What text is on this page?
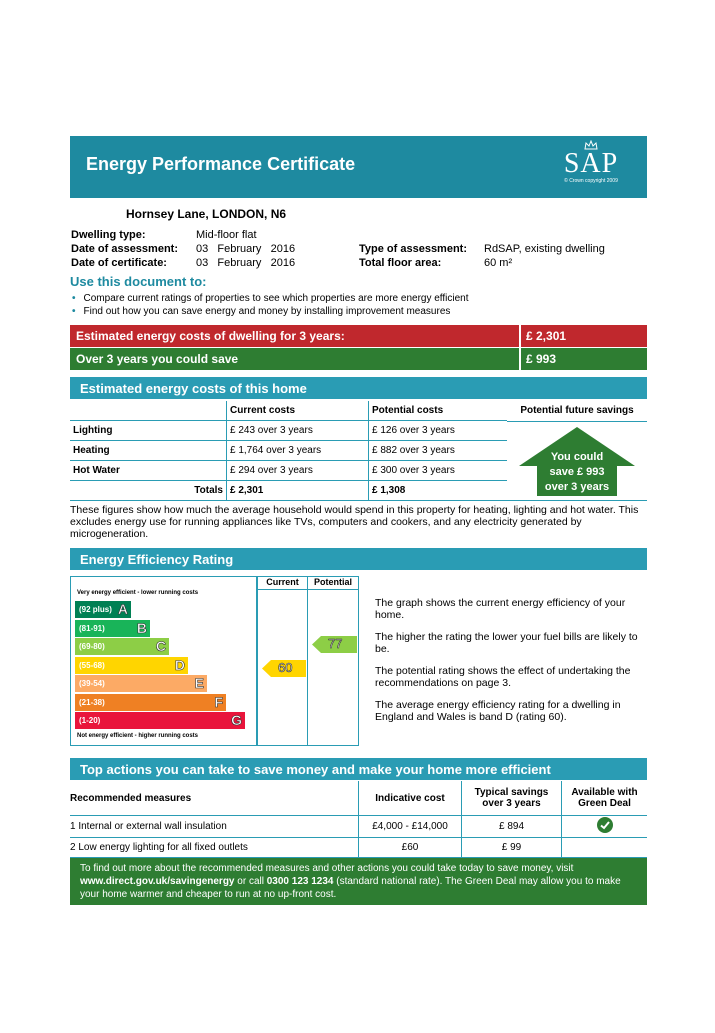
Energy Performance Certificate	SAP
© Crown copyright 2009
Hornsey Lane, LONDON, N6
Dwelling type:	Mid-floor flat
Date of assessment: 03   February   2016
Date of certificate:	03   February   2016
Type of assessment: RdSAP, existing dwelling
Total floor area:	60 m²
Use this document to:
• Compare current ratings of properties to see which properties are more energy efficient
• Find out how you can save energy and money by installing improvement measures
Estimated energy costs of dwelling for 3 years:	£ 2,301
Over 3 years you could save	£ 993
Estimated energy costs of this home
	Current costs	Potential costs
Lighting	£ 243 over 3 years	£ 126 over 3 years
Heating	£ 1,764 over 3 years	£ 882 over 3 years
Hot Water	£ 294 over 3 years	£ 300 over 3 years
Totals	£ 2,301	£ 1,308
Potential future savings
You could
save £ 993
over 3 years
These figures show how much the average household would spend in this property for heating, lighting and hot water. This excludes energy use for running appliances like TVs, computers and cookers, and any electricity generated by microgeneration.
Energy Efficiency Rating
Very energy efficient - lower running costs
(92 plus) A
(81-91) B
(69-80)	C
(55-68)	D
(39-54)	E
(21-38)	F
(1-20)	G
Not energy efficient - higher running costs
Current
60
Potential
77

The graph shows the current energy efficiency of your home.

The higher the rating the lower your fuel bills are likely to be.

The potential rating shows the effect of undertaking the recommendations on page 3.

The average energy efficiency rating for a dwelling in England and Wales is band D (rating 60).

Top actions you can take to save money and make your home more efficient
Recommended measures	Indicative cost	Typical savings over 3 years	Available with Green Deal
1 Internal or external wall insulation	£4,000 - £14,000	£ 894	
2 Low energy lighting for all fixed outlets	£60	£ 99	
To find out more about the recommended measures and other actions you could take today to save money, visit www.direct.gov.uk/savingenergy or call 0300 123 1234 (standard national rate). The Green Deal may allow you to make your home warmer and cheaper to run at no up-front cost.
